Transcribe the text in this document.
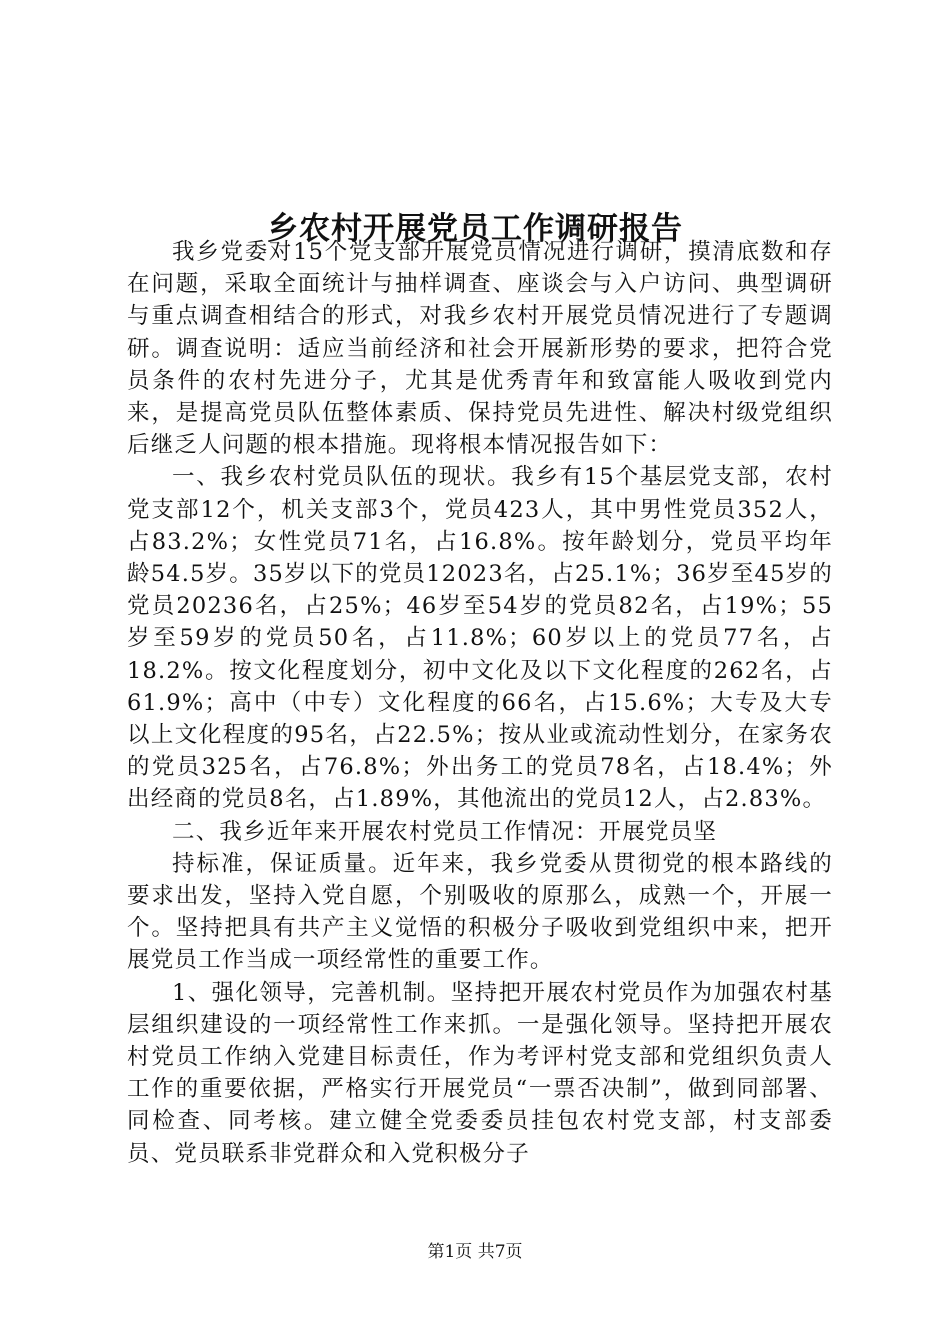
乡农村开展党员工作调研报告

我乡党委对15个党支部开展党员情况进行调研，摸清底数和存在问题，采取全面统计与抽样调查、座谈会与入户访问、典型调研与重点调查相结合的形式，对我乡农村开展党员情况进行了专题调研。调查说明：适应当前经济和社会开展新形势的要求，把符合党员条件的农村先进分子，尤其是优秀青年和致富能人吸收到党内来，是提高党员队伍整体素质、保持党员先进性、解决村级党组织后继乏人问题的根本措施。现将根本情况报告如下：

一、我乡农村党员队伍的现状。我乡有15个基层党支部，农村党支部12个，机关支部3个，党员423人，其中男性党员352人，占83.2%；女性党员71名，占16.8%。按年龄划分，党员平均年龄54.5岁。35岁以下的党员12023名，占25.1%；36岁至45岁的党员20236名，占25%；46岁至54岁的党员82名，占19%；55岁至59岁的党员50名，占11.8%；60岁以上的党员77名，占18.2%。按文化程度划分，初中文化及以下文化程度的262名，占61.9%；高中（中专）文化程度的66名，占15.6%；大专及大专以上文化程度的95名，占22.5%；按从业或流动性划分，在家务农的党员325名，占76.8%；外出务工的党员78名，占18.4%；外出经商的党员8名，占1.89%，其他流出的党员12人，占2.83%。

二、我乡近年来开展农村党员工作情况：开展党员坚

持标准，保证质量。近年来，我乡党委从贯彻党的根本路线的要求出发，坚持入党自愿，个别吸收的原那么，成熟一个，开展一个。坚持把具有共产主义觉悟的积极分子吸收到党组织中来，把开展党员工作当成一项经常性的重要工作。

1、强化领导，完善机制。坚持把开展农村党员作为加强农村基层组织建设的一项经常性工作来抓。一是强化领导。坚持把开展农村党员工作纳入党建目标责任，作为考评村党支部和党组织负责人工作的重要依据，严格实行开展党员“一票否决制”，做到同部署、同检查、同考核。建立健全党委委员挂包农村党支部，村支部委员、党员联系非党群众和入党积极分子

第1页 共7页
